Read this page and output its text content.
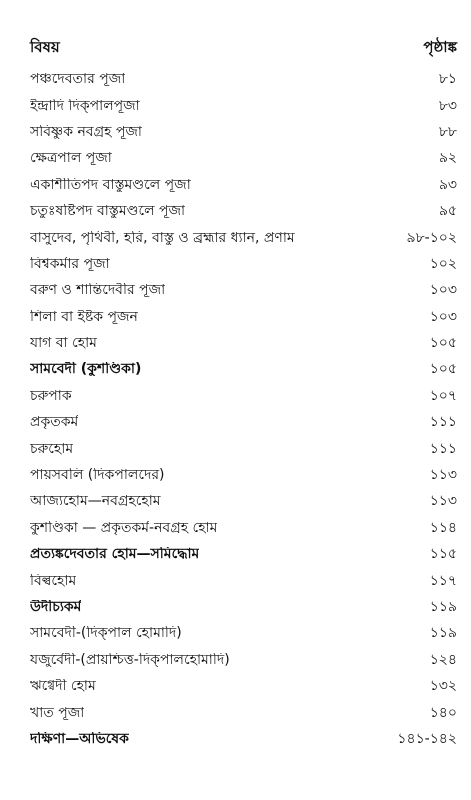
বিষয়	পৃষ্ঠাঙ্ক
পঞ্চদেবতার পূজা	৮১
ইন্দ্রাদি দিক্‌পালপূজা	৮৩
সবিষ্ণুক নবগ্রহ পূজা	৮৮
ক্ষেত্রপাল পূজা	৯২
একাশীতিপদ বাস্তুমণ্ডলে পূজা	৯৩
চতুঃষষ্টিপদ বাস্তুমণ্ডলে পূজা	৯৫
বাসুদেব, পৃথিবী, হরি, বাস্তু ও ব্রহ্মার ধ্যান, প্রণাম	৯৮-১০২
বিশ্বকর্মার পূজা	১০২
বরুণ ও শান্তিদেবীর পূজা	১০৩
শিলা বা ইষ্টক পূজন	১০৩
যাগ বা হোম	১০৫
সামবেদী (কুশণ্ডিকা)	১০৫
চরুপাক	১০৭
প্রকৃতকর্ম	১১১
চরুহোম	১১১
পায়সবলি (দিকপালদের)	১১৩
আজ্যহোম—নবগ্রহহোম	১১৩
কুশণ্ডিকা — প্রকৃতকর্ম-নবগ্রহ হোম	১১৪
প্রত্যঙ্কদেবতার হোম—সমিদ্ধোম	১১৫
বিল্বহোম	১১৭
উদীচ্যকর্ম	১১৯
সামবেদী-(দিক্‌পাল হোমাদি)	১১৯
যজুর্বেদী-(প্রায়শ্চিত্ত-দিক্‌পালহোমাদি)	১২৪
ঋগ্বেদী হোম	১৩২
খাত পূজা	১৪০
দক্ষিণা—অভিষেক	১৪১-১৪২
